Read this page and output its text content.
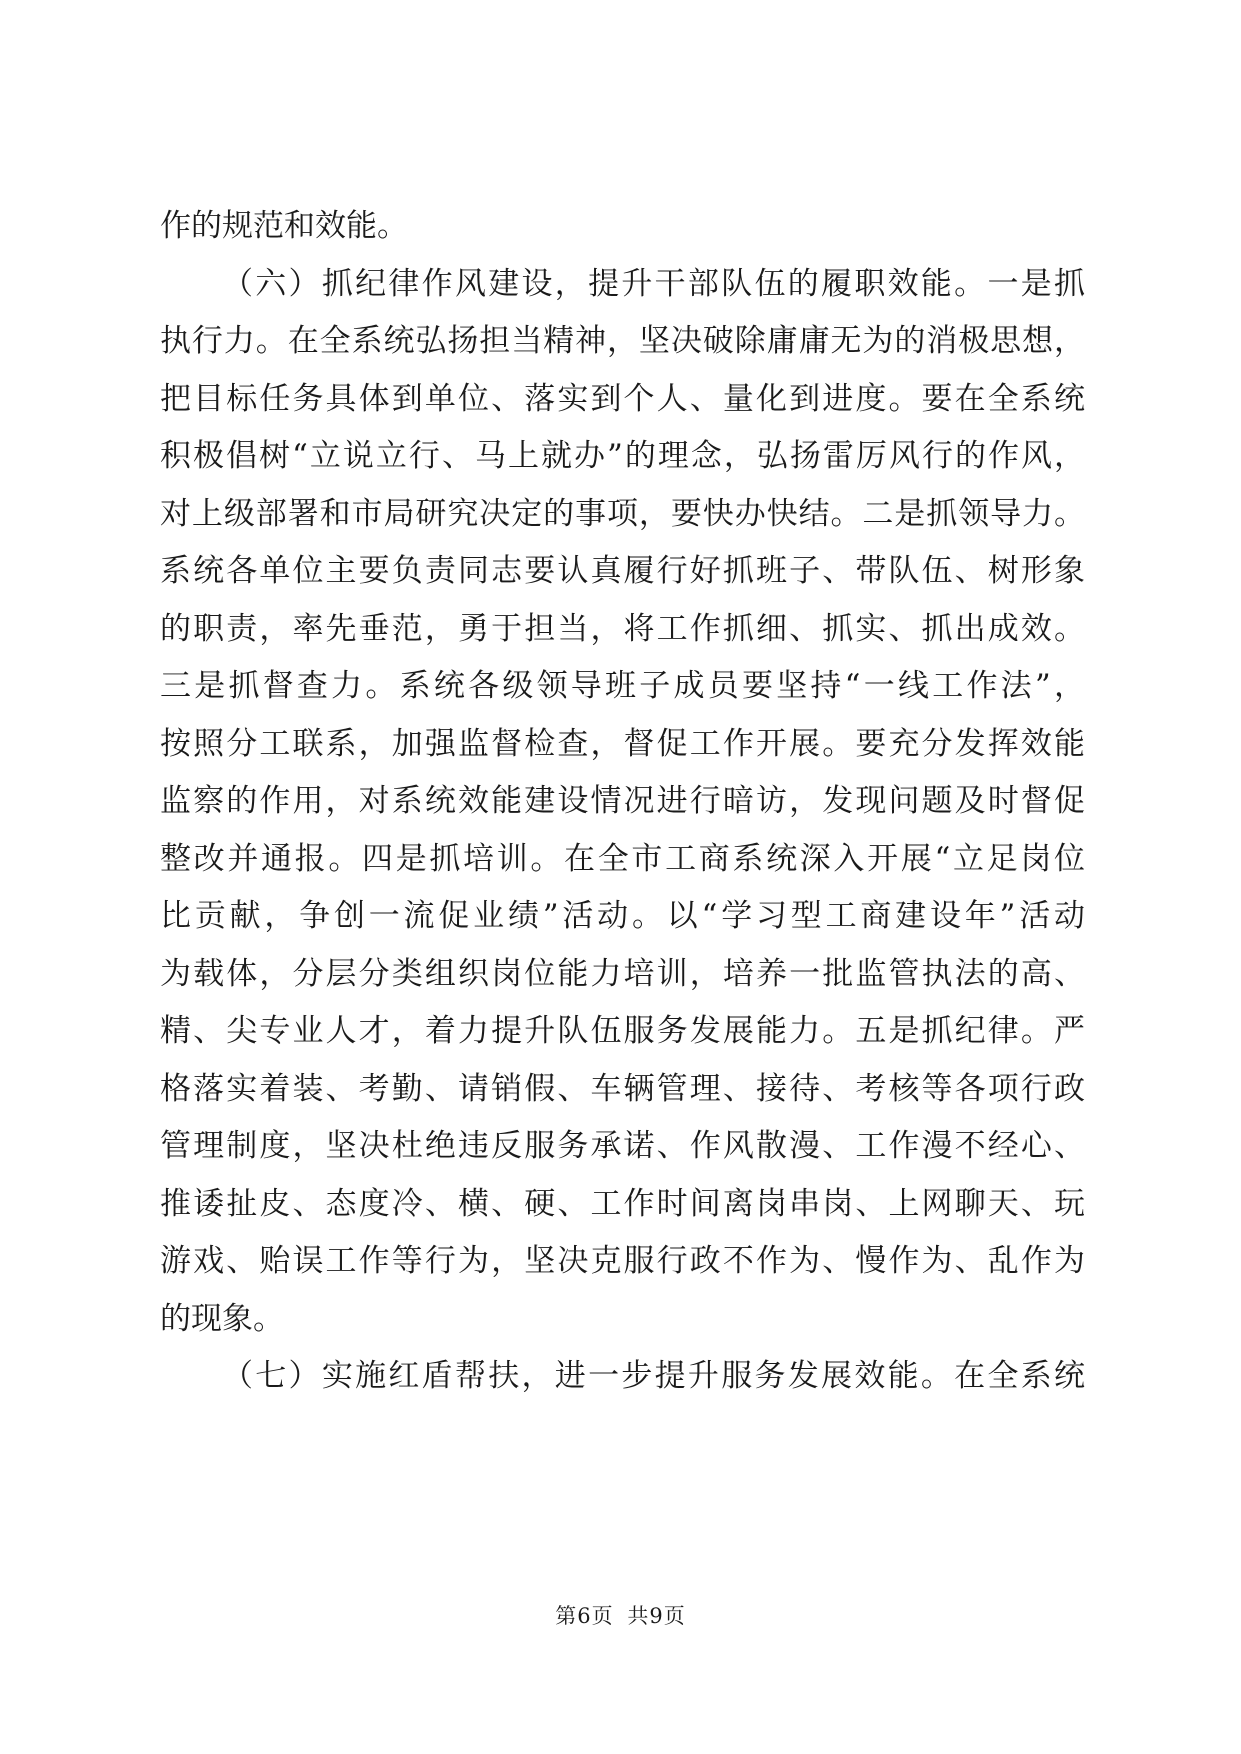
作的规范和效能。
（六）抓纪律作风建设，提升干部队伍的履职效能。一是抓
执行力。在全系统弘扬担当精神，坚决破除庸庸无为的消极思想，
把目标任务具体到单位、落实到个人、量化到进度。要在全系统
积极倡树“立说立行、马上就办”的理念，弘扬雷厉风行的作风，
对上级部署和市局研究决定的事项，要快办快结。二是抓领导力。
系统各单位主要负责同志要认真履行好抓班子、带队伍、树形象
的职责，率先垂范，勇于担当，将工作抓细、抓实、抓出成效。
三是抓督查力。系统各级领导班子成员要坚持“一线工作法”，
按照分工联系，加强监督检查，督促工作开展。要充分发挥效能
监察的作用，对系统效能建设情况进行暗访，发现问题及时督促
整改并通报。四是抓培训。在全市工商系统深入开展“立足岗位
比贡献，争创一流促业绩”活动。以“学习型工商建设年”活动
为载体，分层分类组织岗位能力培训，培养一批监管执法的高、
精、尖专业人才，着力提升队伍服务发展能力。五是抓纪律。严
格落实着装、考勤、请销假、车辆管理、接待、考核等各项行政
管理制度，坚决杜绝违反服务承诺、作风散漫、工作漫不经心、
推诿扯皮、态度冷、横、硬、工作时间离岗串岗、上网聊天、玩
游戏、贻误工作等行为，坚决克服行政不作为、慢作为、乱作为
的现象。
（七）实施红盾帮扶，进一步提升服务发展效能。在全系统
第6页 共9页
